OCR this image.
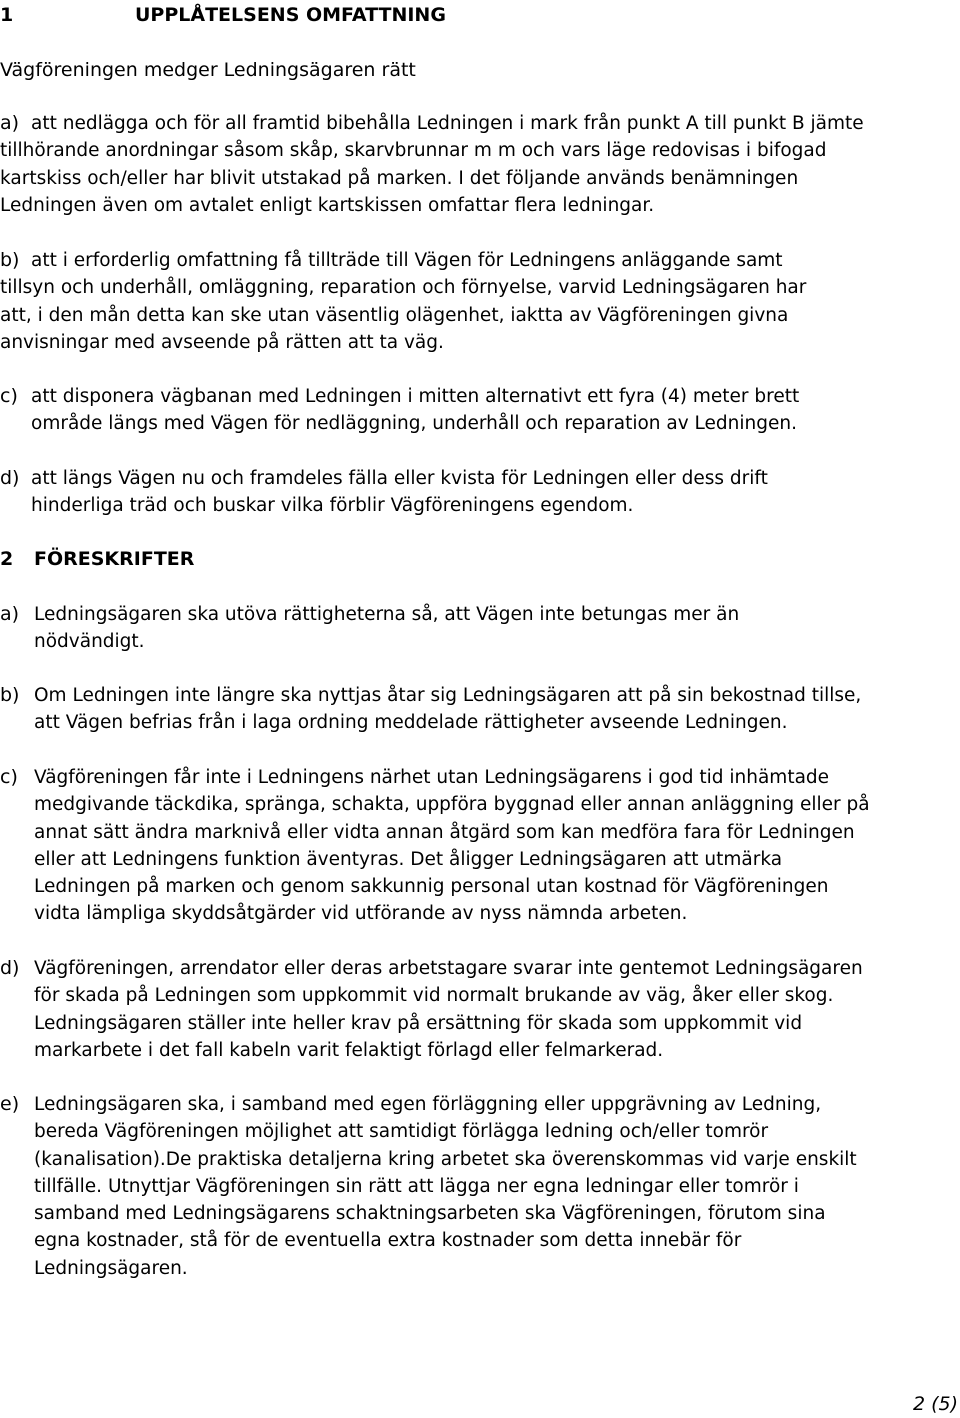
1	UPPLÅTELSENS OMFATTNING
Vägföreningen medger Ledningsägaren rätt
a) att nedlägga och för all framtid bibehålla Ledningen i mark från punkt A till punkt B jämte
tillhörande anordningar såsom skåp, skarvbrunnar m m och vars läge redovisas i bifogad
kartskiss och/eller har blivit utstakad på marken. I det följande används benämningen
Ledningen även om avtalet enligt kartskissen omfattar flera ledningar.
b) att i erforderlig omfattning få tillträde till Vägen för Ledningens anläggande samt
tillsyn och underhåll, omläggning, reparation och förnyelse, varvid Ledningsägaren har
att, i den mån detta kan ske utan väsentlig olägenhet, iaktta av Vägföreningen givna
anvisningar med avseende på rätten att ta väg.
c) att disponera vägbanan med Ledningen i mitten alternativt ett fyra (4) meter brett
område längs med Vägen för nedläggning, underhåll och reparation av Ledningen.
d) att längs Vägen nu och framdeles fälla eller kvista för Ledningen eller dess drift
hinderliga träd och buskar vilka förblir Vägföreningens egendom.
2 FÖRESKRIFTER
a) Ledningsägaren ska utöva rättigheterna så, att Vägen inte betungas mer än
nödvändigt.
b) Om Ledningen inte längre ska nyttjas åtar sig Ledningsägaren att på sin bekostnad tillse,
att Vägen befrias från i laga ordning meddelade rättigheter avseende Ledningen.
c) Vägföreningen får inte i Ledningens närhet utan Ledningsägarens i god tid inhämtade
medgivande täckdika, spränga, schakta, uppföra byggnad eller annan anläggning eller på
annat sätt ändra marknivå eller vidta annan åtgärd som kan medföra fara för Ledningen
eller att Ledningens funktion äventyras. Det åligger Ledningsägaren att utmärka
Ledningen på marken och genom sakkunnig personal utan kostnad för Vägföreningen
vidta lämpliga skyddsåtgärder vid utförande av nyss nämnda arbeten.
d) Vägföreningen, arrendator eller deras arbetstagare svarar inte gentemot Ledningsägaren
för skada på Ledningen som uppkommit vid normalt brukande av väg, åker eller skog.
Ledningsägaren ställer inte heller krav på ersättning för skada som uppkommit vid
markarbete i det fall kabeln varit felaktigt förlagd eller felmarkerad.
e) Ledningsägaren ska, i samband med egen förläggning eller uppgrävning av Ledning,
bereda Vägföreningen möjlighet att samtidigt förlägga ledning och/eller tomrör
(kanalisation).De praktiska detaljerna kring arbetet ska överenskommas vid varje enskilt
tillfälle. Utnyttjar Vägföreningen sin rätt att lägga ner egna ledningar eller tomrör i
samband med Ledningsägarens schaktningsarbeten ska Vägföreningen, förutom sina
egna kostnader, stå för de eventuella extra kostnader som detta innebär för
Ledningsägaren.
2 (5)
